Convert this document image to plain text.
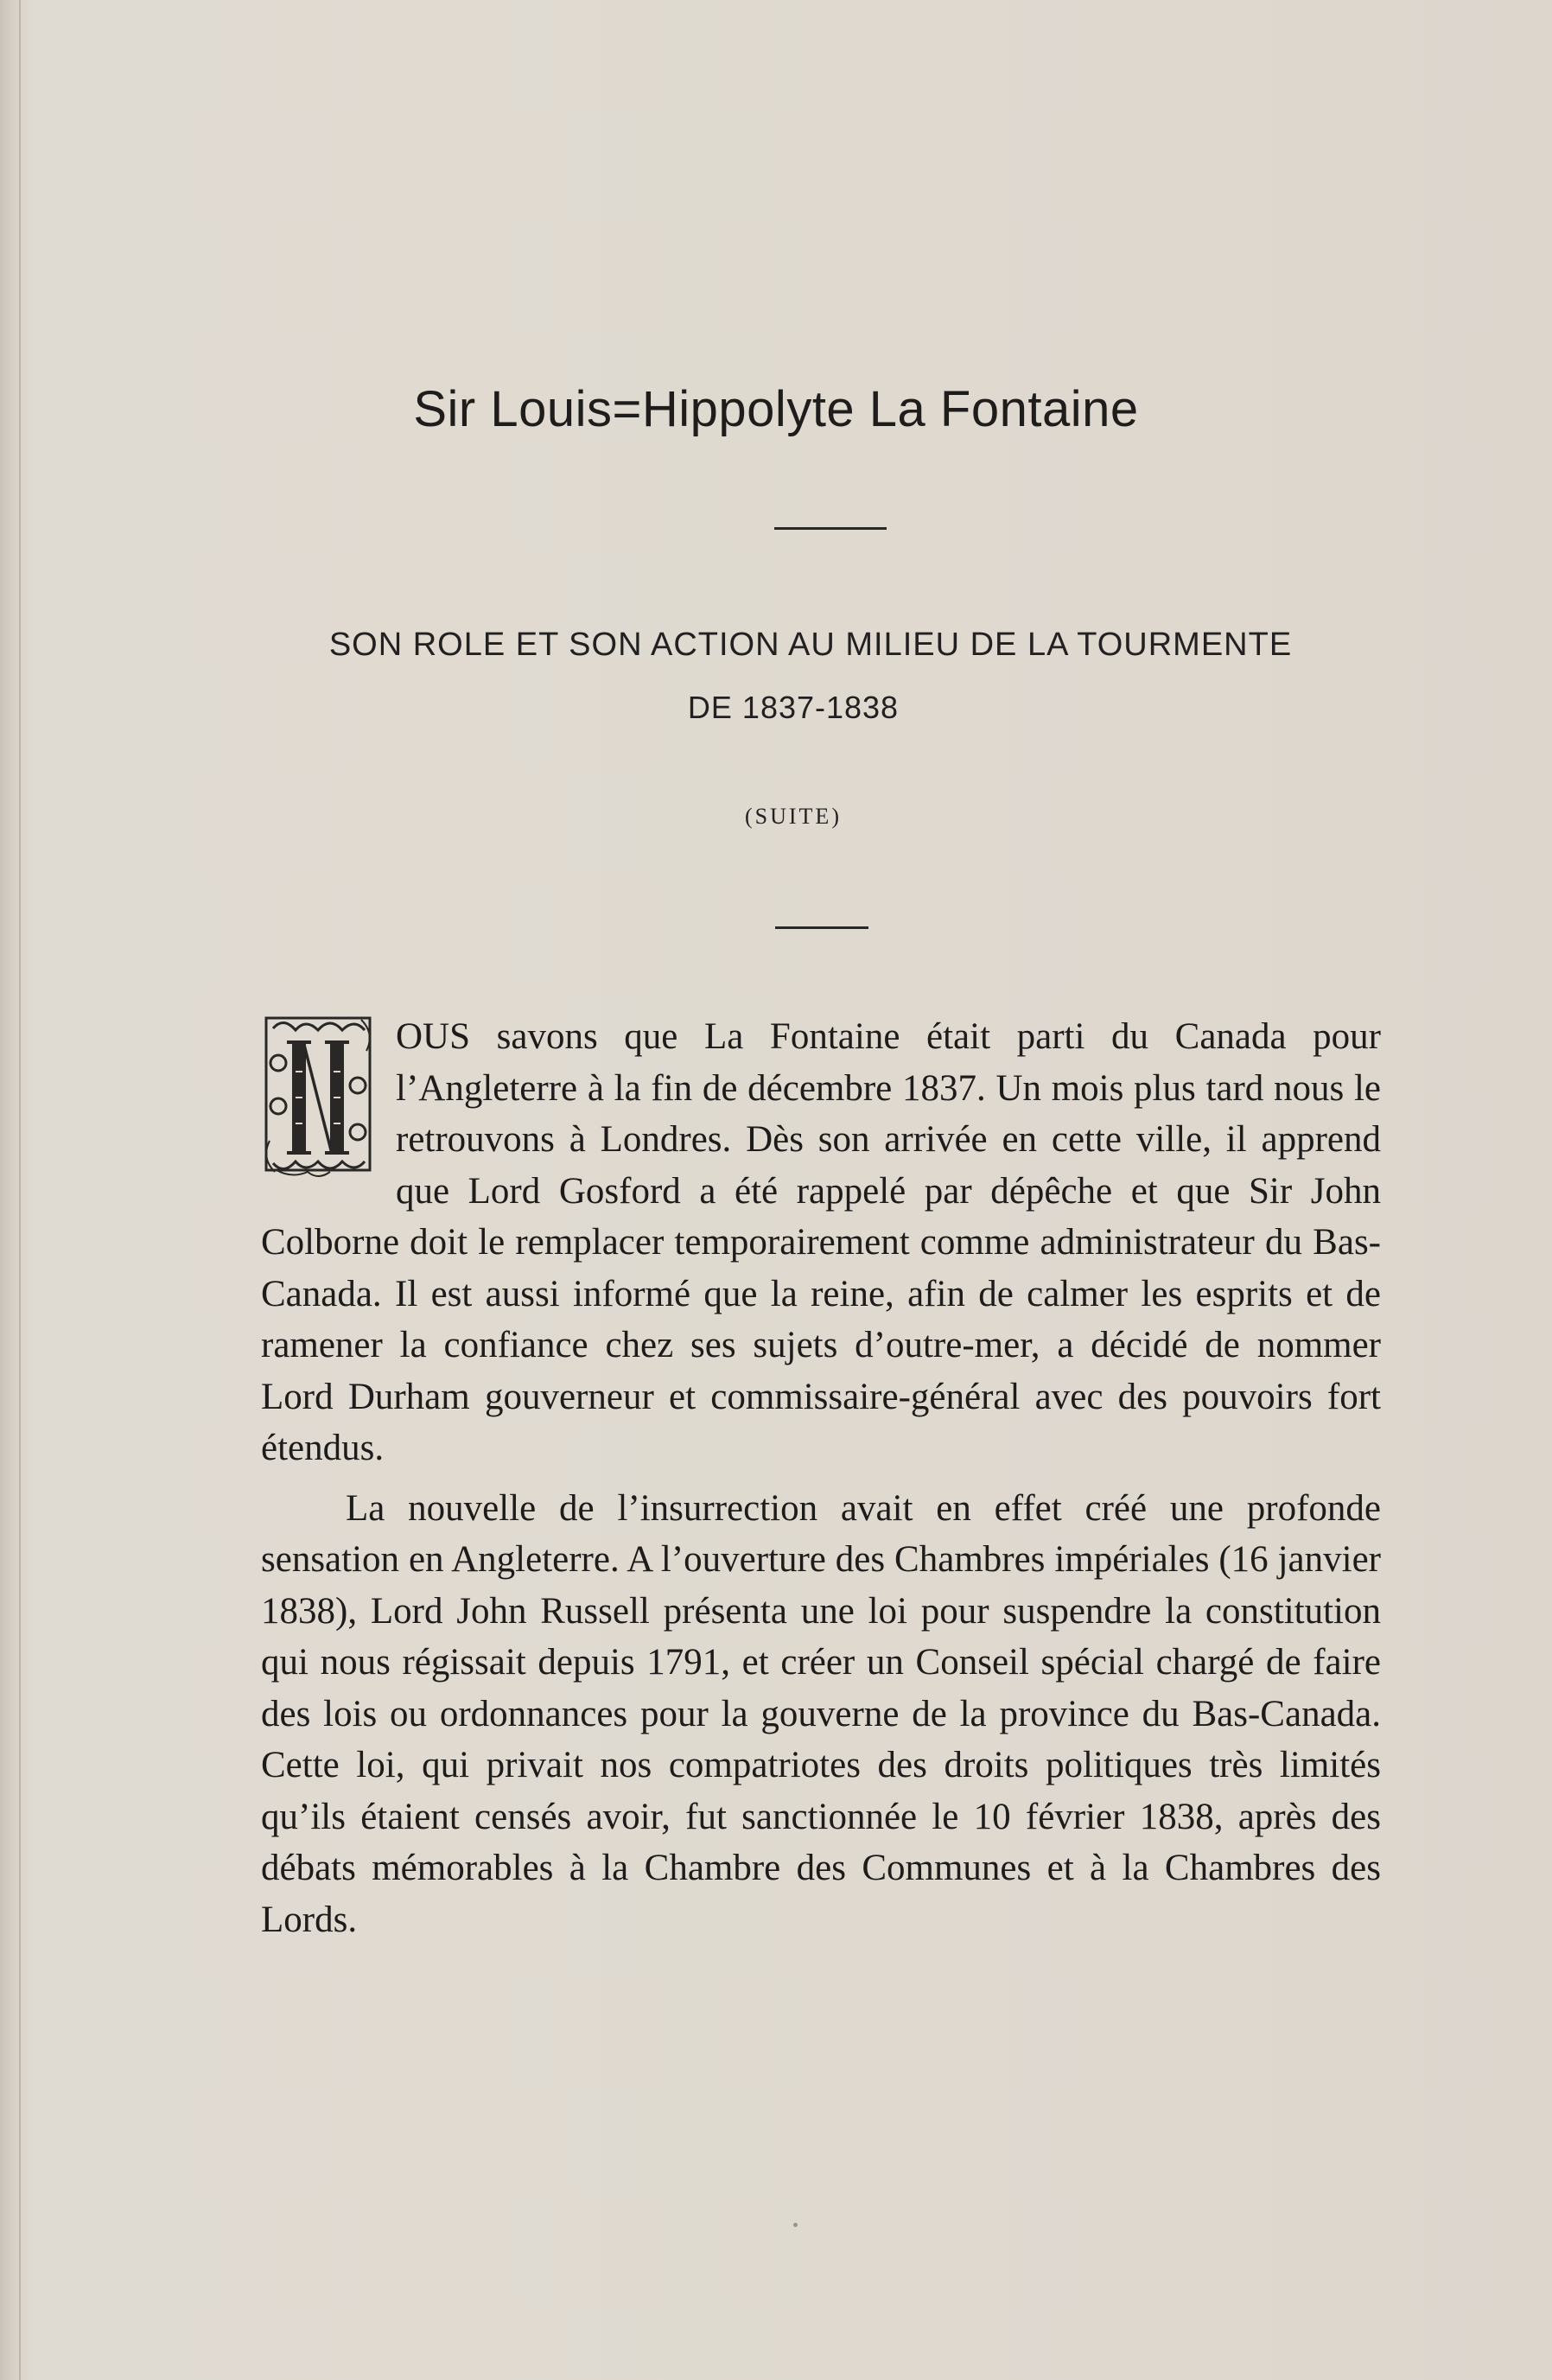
Sir Louis=Hippolyte La Fontaine
SON ROLE ET SON ACTION AU MILIEU DE LA TOURMENTE
DE 1837-1838
(SUITE)

OUS savons que La Fontaine était parti du Canada pour l’Angleterre à la fin de décembre 1837. Un mois plus tard nous le retrouvons à Londres. Dès son arrivée en cette ville, il apprend que Lord Gosford a été rappelé par dépêche et que Sir John Colborne doit le remplacer temporairement comme administrateur du Bas-Canada. Il est aussi informé que la reine, afin de calmer les esprits et de ramener la confiance chez ses sujets d’outre-mer, a décidé de nommer Lord Durham gouverneur et commissaire-général avec des pouvoirs fort étendus.

La nouvelle de l’insurrection avait en effet créé une profonde sensation en Angleterre. A l’ouverture des Chambres impériales (16 janvier 1838), Lord John Russell présenta une loi pour suspendre la constitution qui nous régissait depuis 1791, et créer un Conseil spécial chargé de faire des lois ou ordonnances pour la gouverne de la province du Bas-Canada. Cette loi, qui privait nos compatriotes des droits politiques très limités qu’ils étaient censés avoir, fut sanctionnée le 10 février 1838, après des débats mémorables à la Chambre des Communes et à la Chambres des Lords.
